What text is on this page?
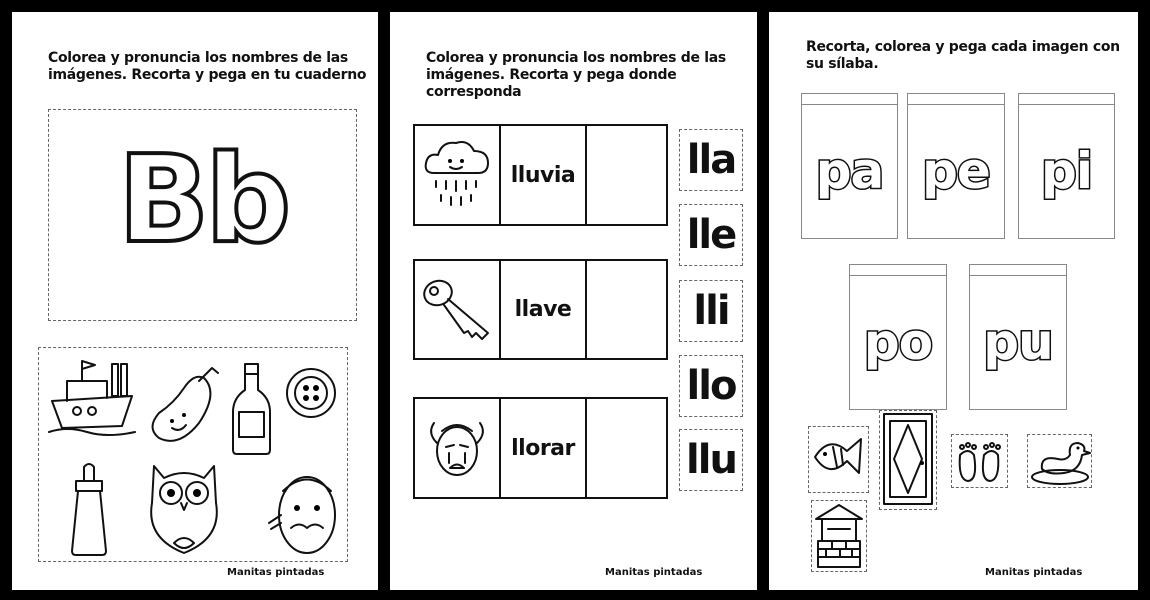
Colorea y pronuncia los nombres de las
imágenes. Recorta y pega en tu cuaderno
Bb
Manitas pintadas
Colorea y pronuncia los nombres de las
imágenes. Recorta y pega donde
corresponda
lluvia
llave
llorar
lla
lle
lli
llo
llu
Manitas pintadas
Recorta, colorea y pega cada imagen con
su sílaba.
pa pe pi
po pu
Manitas pintadas
